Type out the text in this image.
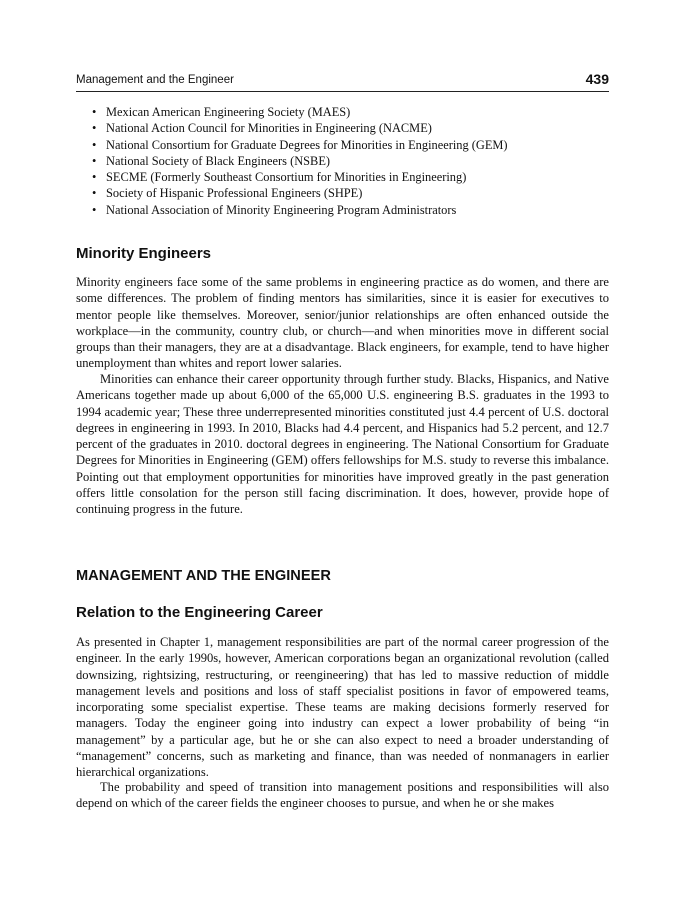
Management and the Engineer	439
• Mexican American Engineering Society (MAES)
• National Action Council for Minorities in Engineering (NACME)
• National Consortium for Graduate Degrees for Minorities in Engineering (GEM)
• National Society of Black Engineers (NSBE)
• SECME (Formerly Southeast Consortium for Minorities in Engineering)
• Society of Hispanic Professional Engineers (SHPE)
• National Association of Minority Engineering Program Administrators
Minority Engineers

Minority engineers face some of the same problems in engineering practice as do women, and there are some differences. The problem of finding mentors has similarities, since it is easier for executives to mentor people like themselves. Moreover, senior/junior relationships are often enhanced outside the workplace—in the community, country club, or church—and when minorities move in different social groups than their managers, they are at a disadvantage. Black engineers, for example, tend to have higher unemployment than whites and report lower salaries.

Minorities can enhance their career opportunity through further study. Blacks, Hispanics, and Native Americans together made up about 6,000 of the 65,000 U.S. engineering B.S. graduates in the 1993 to 1994 academic year; These three underrepresented minorities constituted just 4.4 percent of U.S. doctoral degrees in engineering in 1993. In 2010, Blacks had 4.4 percent, and Hispanics had 5.2 percent, and 12.7 percent of the graduates in 2010. doctoral degrees in engineering. The National Consortium for Graduate Degrees for Minorities in Engineering (GEM) offers fellowships for M.S. study to reverse this imbalance. Pointing out that employment opportunities for minorities have improved greatly in the past generation offers little consolation for the person still facing discrimination. It does, however, provide hope of continuing progress in the future.

MANAGEMENT AND THE ENGINEER
Relation to the Engineering Career

As presented in Chapter 1, management responsibilities are part of the normal career progression of the engineer. In the early 1990s, however, American corporations began an organizational revolution (called downsizing, rightsizing, restructuring, or reengineering) that has led to massive reduction of middle management levels and positions and loss of staff specialist positions in favor of empowered teams, incorporating some specialist expertise. These teams are making decisions formerly reserved for managers. Today the engineer going into industry can expect a lower probability of being “in management” by a particular age, but he or she can also expect to need a broader understanding of “management” concerns, such as marketing and finance, than was needed of nonmanagers in earlier hierarchical organizations.

The probability and speed of transition into management positions and responsibilities will also depend on which of the career fields the engineer chooses to pursue, and when he or she makes
